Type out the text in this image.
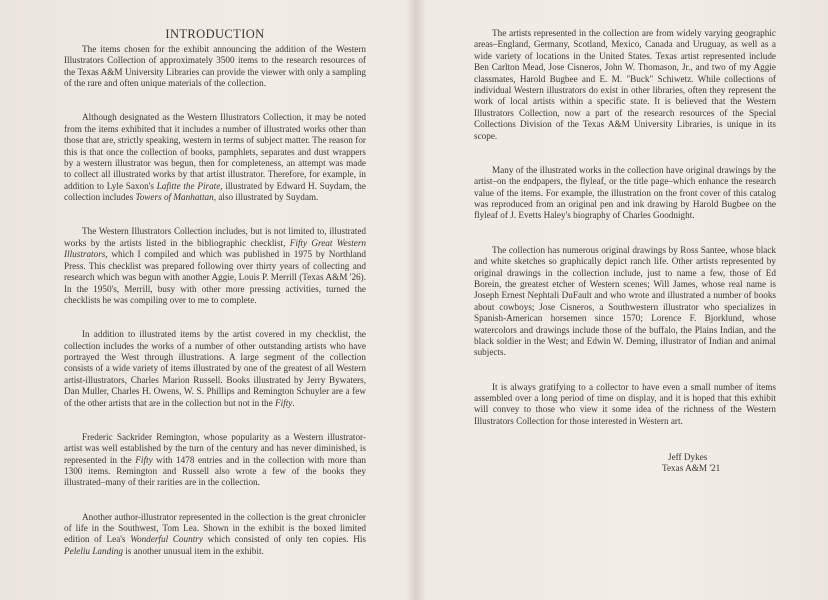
INTRODUCTION

The items chosen for the exhibit announcing the addition of the Western Illustrators Collection of approximately 3500 items to the research resources of the Texas A&M University Libraries can provide the viewer with only a sampling of the rare and often unique materials of the collection.

Although designated as the Western Illustrators Collection, it may be noted from the items exhibited that it includes a number of illustrated works other than those that are, strictly speaking, western in terms of subject matter. The reason for this is that once the collection of books, pamphlets, separates and dust wrappers by a western illustrator was begun, then for completeness, an attempt was made to collect all illustrated works by that artist illustrator. Therefore, for example, in addition to Lyle Saxon's Lafitte the Pirate, illustrated by Edward H. Suydam, the collection includes Towers of Manhattan, also illustrated by Suydam.

The Western Illustrators Collection includes, but is not limited to, illustrated works by the artists listed in the bibliographic checklist, Fifty Great Western Illustrators, which I compiled and which was published in 1975 by Northland Press. This checklist was prepared following over thirty years of collecting and research which was begun with another Aggie, Louis P. Merrill (Texas A&M '26). In the 1950's, Merrill, busy with other more pressing activities, turned the checklists he was compiling over to me to complete.

In addition to illustrated items by the artist covered in my checklist, the collection includes the works of a number of other outstanding artists who have portrayed the West through illustrations. A large segment of the collection consists of a wide variety of items illustrated by one of the greatest of all Western artist-illustrators, Charles Marion Russell. Books illustrated by Jerry Bywaters, Dan Muller, Charles H. Owens, W. S. Phillips and Remington Schuyler are a few of the other artists that are in the collection but not in the Fifty.

Frederic Sackrider Remington, whose popularity as a Western illustrator-artist was well established by the turn of the century and has never diminished, is represented in the Fifty with 1478 entries and in the collection with more than 1300 items. Remington and Russell also wrote a few of the books they illustrated–many of their rarities are in the collection.

Another author-illustrator represented in the collection is the great chronicler of life in the Southwest, Tom Lea. Shown in the exhibit is the boxed limited edition of Lea's Wonderful Country which consisted of only ten copies. His Peleliu Landing is another unusual item in the exhibit.

The artists represented in the collection are from widely varying geographic areas–England, Germany, Scotland, Mexico, Canada and Uruguay, as well as a wide variety of locations in the United States. Texas artist represented include Ben Carlton Mead, Jose Cisneros, John W. Thomason, Jr., and two of my Aggie classmates, Harold Bugbee and E. M. "Buck" Schiwetz. While collections of individual Western illustrators do exist in other libraries, often they represent the work of local artists within a specific state. It is believed that the Western Illustrators Collection, now a part of the research resources of the Special Collections Division of the Texas A&M University Libraries, is unique in its scope.

Many of the illustrated works in the collection have original drawings by the artist–on the endpapers, the flyleaf, or the title page–which enhance the research value of the items. For example, the illustration on the front cover of this catalog was reproduced from an original pen and ink drawing by Harold Bugbee on the flyleaf of J. Evetts Haley's biography of Charles Goodnight.

The collection has numerous original drawings by Ross Santee, whose black and white sketches so graphically depict ranch life. Other artists represented by original drawings in the collection include, just to name a few, those of Ed Borein, the greatest etcher of Western scenes; Will James, whose real name is Joseph Ernest Nephtali DuFault and who wrote and illustrated a number of books about cowboys; Jose Cisneros, a Southwestern illustrator who specializes in Spanish-American horsemen since 1570; Lorence F. Bjorklund, whose watercolors and drawings include those of the buffalo, the Plains Indian, and the black soldier in the West; and Edwin W. Deming, illustrator of Indian and animal subjects.

It is always gratifying to a collector to have even a small number of items assembled over a long period of time on display, and it is hoped that this exhibit will convey to those who view it some idea of the richness of the Western Illustrators Collection for those interested in Western art.

Jeff Dykes
Texas A&M '21
